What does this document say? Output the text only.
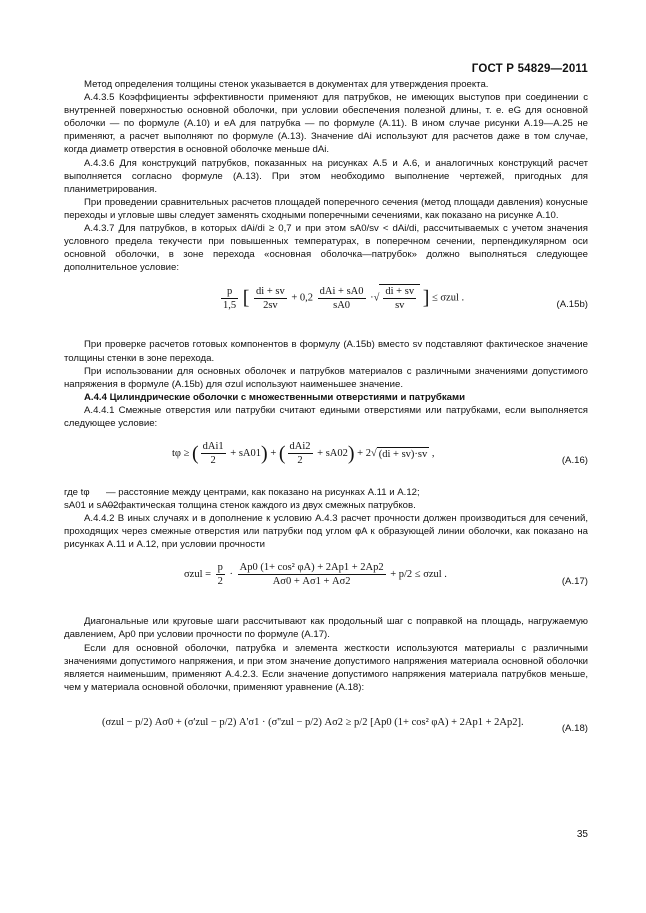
ГОСТ Р 54829—2011

Метод определения толщины стенок указывается в документах для утверждения проекта.

А.4.3.5 Коэффициенты эффективности применяют для патрубков, не имеющих выступов при соединении с внутренней поверхностью основной оболочки, при условии обеспечения полезной длины, т. е. eG для основной оболочки — по формуле (А.10) и eA для патрубка — по формуле (А.11). В ином случае рисунки А.19—А.25 не применяют, а расчет выполняют по формуле (А.13). Значение dAi используют для расчетов даже в том случае, когда диаметр отверстия в основной оболочке меньше dAi.

А.4.3.6 Для конструкций патрубков, показанных на рисунках А.5 и А.6, и аналогичных конструкций расчет выполняется согласно формуле (А.13). При этом необходимо выполнение чертежей, пригодных для планиметрирования.

При проведении сравнительных расчетов площадей поперечного сечения (метод площади давления) конусные переходы и угловые швы следует заменять сходными поперечными сечениями, как показано на рисунке А.10.

А.4.3.7 Для патрубков, в которых dAi/di ≥ 0,7 и при этом sA0/sv < dAi/di, рассчитываемых с учетом значения условного предела текучести при повышенных температурах, в поперечном сечении, перпендикулярном оси основной оболочки, в зоне перехода «основная оболочка—патрубок» должно выполняться следующее дополнительное условие:

$\frac{p}{1,5}$ [ $\frac{di + sv}{2sv} + 0,2 \frac{\text{dAi + sA0}}{sA0}$ ·√ $\frac{di + sv}{sv}$ ] ≤ σzul .
(А.15b)

При проверке расчетов готовых компонентов в формулу (А.15b) вместо sv подставляют фактическое значение толщины стенки в зоне перехода.

При использовании для основных оболочек и патрубков материалов с различными значениями допустимого напряжения в формуле (А.15b) для σzul используют наименьшее значение.

А.4.4 Цилиндрические оболочки с множественными отверстиями и патрубками

А.4.4.1 Смежные отверстия или патрубки считают едиными отверстиями или патрубками, если выполняется следующее условие:

tφ ≥ ( $\frac{\text{dAi1}}{2} + sA01$) + ( $\frac{\text{dAi2}}{2} + sA02) + 2√$ (di + sv)·sv ,
(А.16)
где tφ — расстояние между центрами, как показано на рисунках А.11 и А.12;
sA01 и sA02
— фактическая толщина стенок каждого из двух смежных патрубков.

А.4.4.2 В иных случаях и в дополнение к условию А.4.3 расчет прочности должен производиться для сечений, проходящих через смежные отверстия или патрубки под углом φA к образующей линии оболочки, как показано на рисунках А.11 и А.12, при условии прочности

$\sigma zul = \frac{p}{2} \cdot \frac{\text{Ap0 (1+ cos² φA) + 2Ap1 + 2Ap2}}{A\sigma 0 + A\sigma 1 + A\sigma 2} + p/2 \le \sigma zul$ .
(А.17)

Диагональные или круговые шаги рассчитывают как продольный шаг с поправкой на площадь, нагружаемую давлением, Ap0 при условии прочности по формуле (А.17).

Если для основной оболочки, патрубка и элемента жесткости используются материалы с различными значениями допустимого напряжения, и при этом значение допустимого напряжения материала основной оболочки является наименьшим, применяют А.4.2.3. Если значение допустимого напряжения материала патрубков меньше, чем у материала основной оболочки, применяют уравнение (А.18):

(σzul − p/2) Aσ0 + (σ'zul − p/2) A'σ1 · (σ''zul − p/2) Aσ2 ≥ p/2 [Ap0 (1+ cos² φA) + 2Ap1 + 2Ap2].
(А.18)
35
